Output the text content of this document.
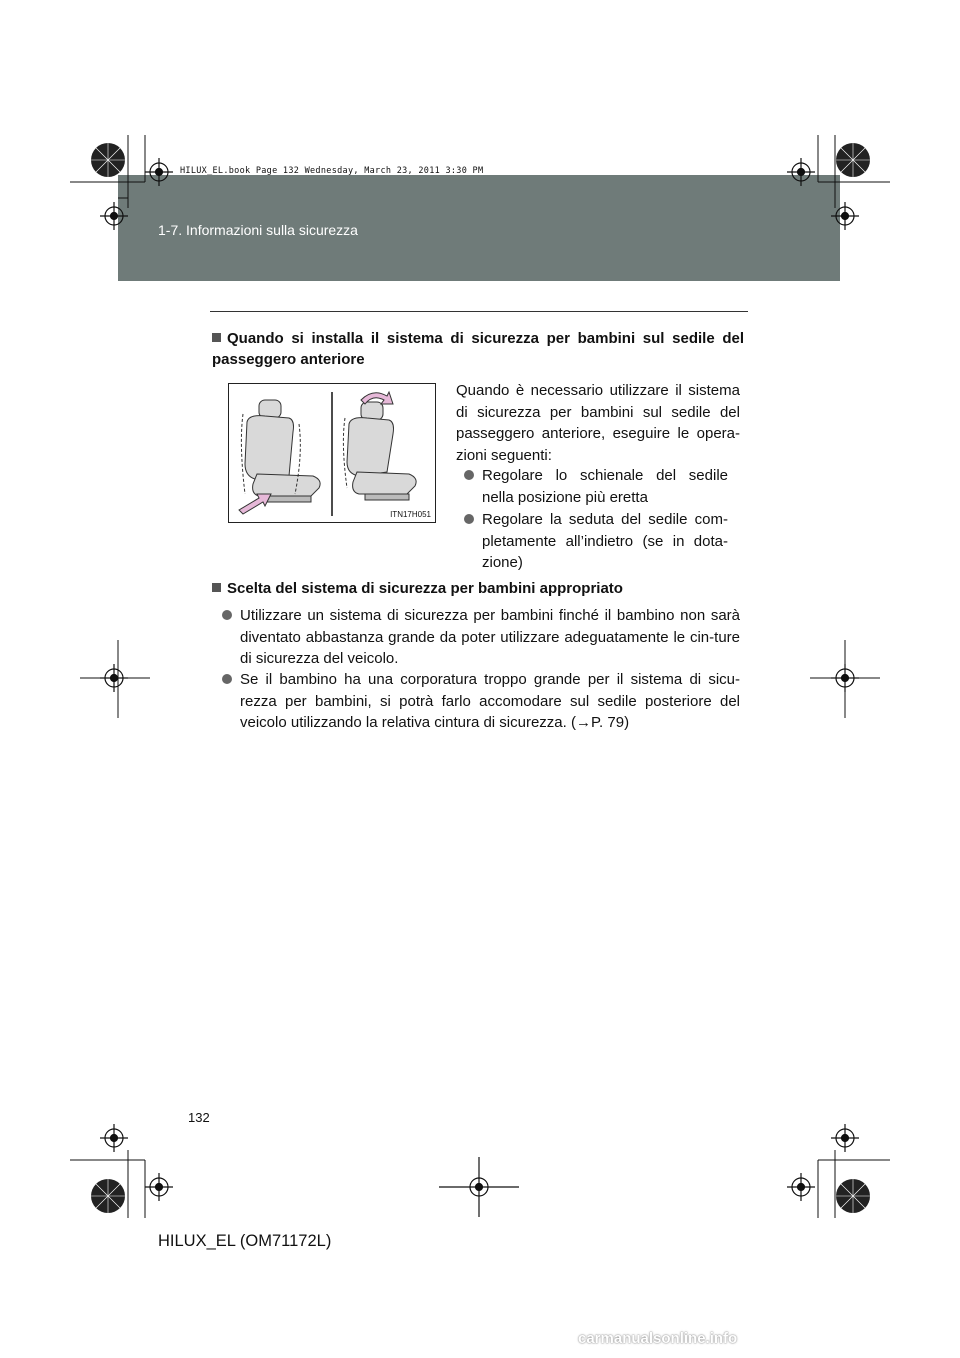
1-7. Informazioni sulla sicurezza
HILUX_EL.book Page 132 Wednesday, March 23, 2011 3:30 PM
Quando si installa il sistema di sicurezza per bambini sul sedile del passeggero anteriore
ITN17H051
Quando è necessario utilizzare il sistema di sicurezza per bambini sul sedile del passeggero anteriore, eseguire le opera-zioni seguenti:
Regolare lo schienale del sedile nella posizione più eretta
Regolare la seduta del sedile com-pletamente all’indietro (se in dota-zione)
Scelta del sistema di sicurezza per bambini appropriato
Utilizzare un sistema di sicurezza per bambini finché il bambino non sarà diventato abbastanza grande da poter utilizzare adeguatamente le cin-ture di sicurezza del veicolo.
Se il bambino ha una corporatura troppo grande per il sistema di sicu-rezza per bambini, si potrà farlo accomodare sul sedile posteriore del veicolo utilizzando la relativa cintura di sicurezza. (→P. 79)
132
HILUX_EL (OM71172L)
carmanualsonline.info
